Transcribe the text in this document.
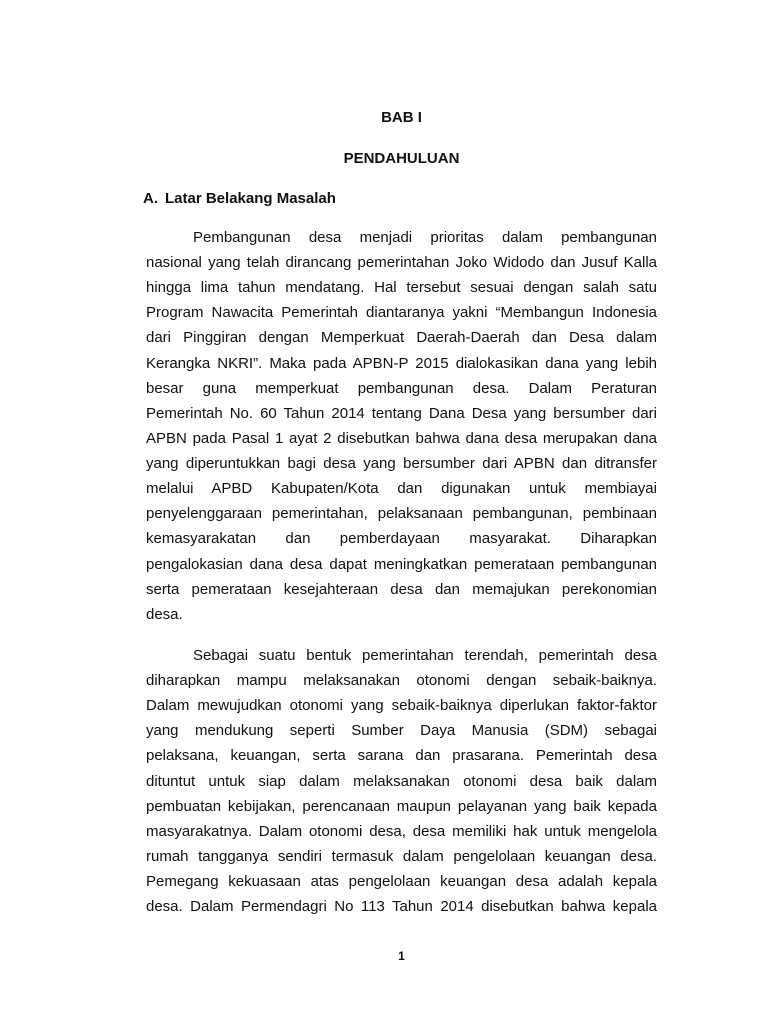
BAB I
PENDAHULUAN
A. Latar Belakang Masalah
Pembangunan desa menjadi prioritas dalam pembangunan
nasional yang telah dirancang pemerintahan Joko Widodo dan Jusuf Kalla
hingga lima tahun mendatang. Hal tersebut sesuai dengan salah satu
Program Nawacita Pemerintah diantaranya yakni “Membangun Indonesia
dari Pinggiran dengan Memperkuat Daerah-Daerah dan Desa dalam
Kerangka NKRI”. Maka pada APBN-P 2015 dialokasikan dana yang lebih
besar guna memperkuat pembangunan desa. Dalam Peraturan
Pemerintah No. 60 Tahun 2014 tentang Dana Desa yang bersumber dari
APBN pada Pasal 1 ayat 2 disebutkan bahwa dana desa merupakan dana
yang diperuntukkan bagi desa yang bersumber dari APBN dan ditransfer
melalui APBD Kabupaten/Kota dan digunakan untuk membiayai
penyelenggaraan pemerintahan, pelaksanaan pembangunan, pembinaan
kemasyarakatan dan pemberdayaan masyarakat. Diharapkan
pengalokasian dana desa dapat meningkatkan pemerataan pembangunan
serta pemerataan kesejahteraan desa dan memajukan perekonomian
desa.
Sebagai suatu bentuk pemerintahan terendah, pemerintah desa
diharapkan mampu melaksanakan otonomi dengan sebaik-baiknya.
Dalam mewujudkan otonomi yang sebaik-baiknya diperlukan faktor-faktor
yang mendukung seperti Sumber Daya Manusia (SDM) sebagai
pelaksana, keuangan, serta sarana dan prasarana. Pemerintah desa
dituntut untuk siap dalam melaksanakan otonomi desa baik dalam
pembuatan kebijakan, perencanaan maupun pelayanan yang baik kepada
masyarakatnya. Dalam otonomi desa, desa memiliki hak untuk mengelola
rumah tangganya sendiri termasuk dalam pengelolaan keuangan desa.
Pemegang kekuasaan atas pengelolaan keuangan desa adalah kepala
desa. Dalam Permendagri No 113 Tahun 2014 disebutkan bahwa kepala
1
